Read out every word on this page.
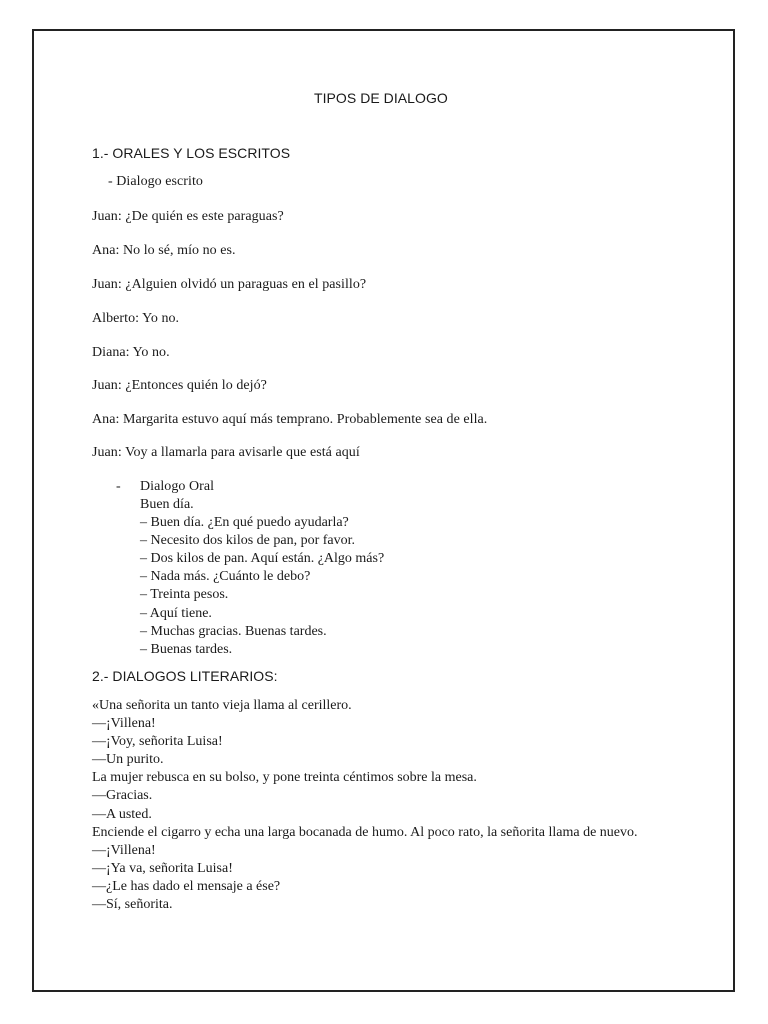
TIPOS DE DIALOGO
1.- ORALES Y LOS ESCRITOS
- Dialogo escrito
Juan: ¿De quién es este paraguas?
Ana: No lo sé, mío no es.
Juan: ¿Alguien olvidó un paraguas en el pasillo?
Alberto: Yo no.
Diana: Yo no.
Juan: ¿Entonces quién lo dejó?
Ana: Margarita estuvo aquí más temprano. Probablemente sea de ella.
Juan: Voy a llamarla para avisarle que está aquí
- Dialogo Oral
Buen día.
– Buen día. ¿En qué puedo ayudarla?
– Necesito dos kilos de pan, por favor.
– Dos kilos de pan. Aquí están. ¿Algo más?
– Nada más. ¿Cuánto le debo?
– Treinta pesos.
– Aquí tiene.
– Muchas gracias. Buenas tardes.
– Buenas tardes.
2.- DIALOGOS LITERARIOS:
«Una señorita un tanto vieja llama al cerillero.
—¡Villena!
—¡Voy, señorita Luisa!
—Un purito.
La mujer rebusca en su bolso, y pone treinta céntimos sobre la mesa.
—Gracias.
—A usted.
Enciende el cigarro y echa una larga bocanada de humo. Al poco rato, la señorita llama de nuevo.
—¡Villena!
—¡Ya va, señorita Luisa!
—¿Le has dado el mensaje a ése?
—Sí, señorita.
